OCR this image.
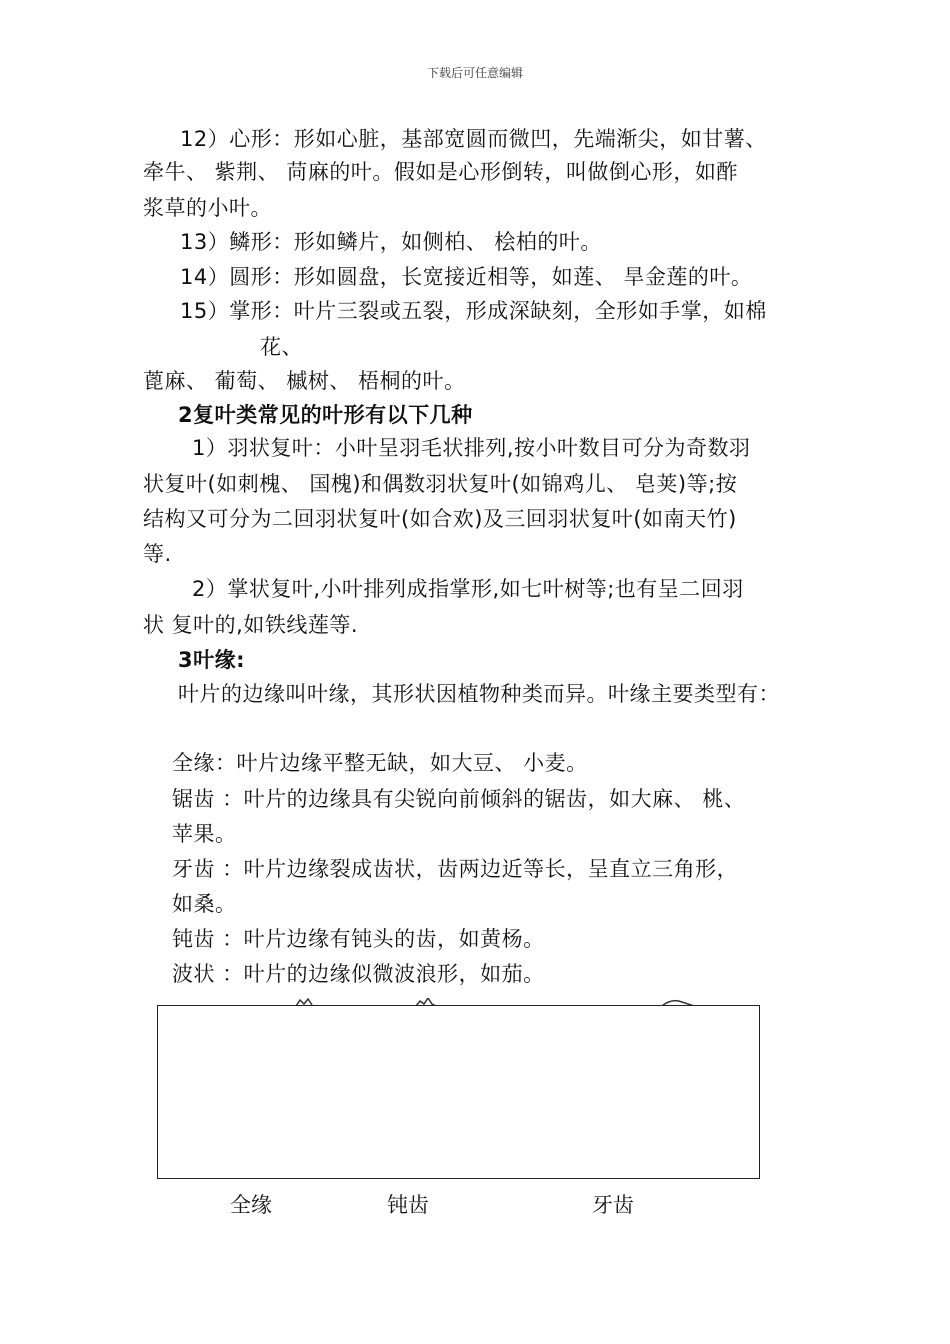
下载后可任意编辑
12）心形：形如心脏，基部宽圆而微凹，先端渐尖，如甘薯、
牵牛、 紫荆、 苘麻的叶。假如是心形倒转，叫做倒心形，如酢
浆草的小叶。
13）鳞形：形如鳞片，如侧柏、 桧柏的叶。
14）圆形：形如圆盘，长宽接近相等，如莲、 旱金莲的叶。
15）掌形：叶片三裂或五裂，形成深缺刻，全形如手掌，如棉
花、
蓖麻、 葡萄、 槭树、 梧桐的叶。
2复叶类常见的叶形有以下几种
1）羽状复叶：小叶呈羽毛状排列,按小叶数目可分为奇数羽
状复叶(如刺槐、 国槐)和偶数羽状复叶(如锦鸡儿、 皂荚)等;按
结构又可分为二回羽状复叶(如合欢)及三回羽状复叶(如南天竹)
等.
2）掌状复叶,小叶排列成指掌形,如七叶树等;也有呈二回羽
状 复叶的,如铁线莲等.
3叶缘:
叶片的边缘叫叶缘，其形状因植物种类而异。叶缘主要类型有：
全缘：叶片边缘平整无缺，如大豆、 小麦。
锯齿 ：叶片的边缘具有尖锐向前倾斜的锯齿，如大麻、 桃、
苹果。
牙齿 ：叶片边缘裂成齿状，齿两边近等长，呈直立三角形，
如桑。
钝齿 ：叶片边缘有钝头的齿，如黄杨。
波状 ：叶片的边缘似微波浪形，如茄。
全缘	钝齿	牙齿
